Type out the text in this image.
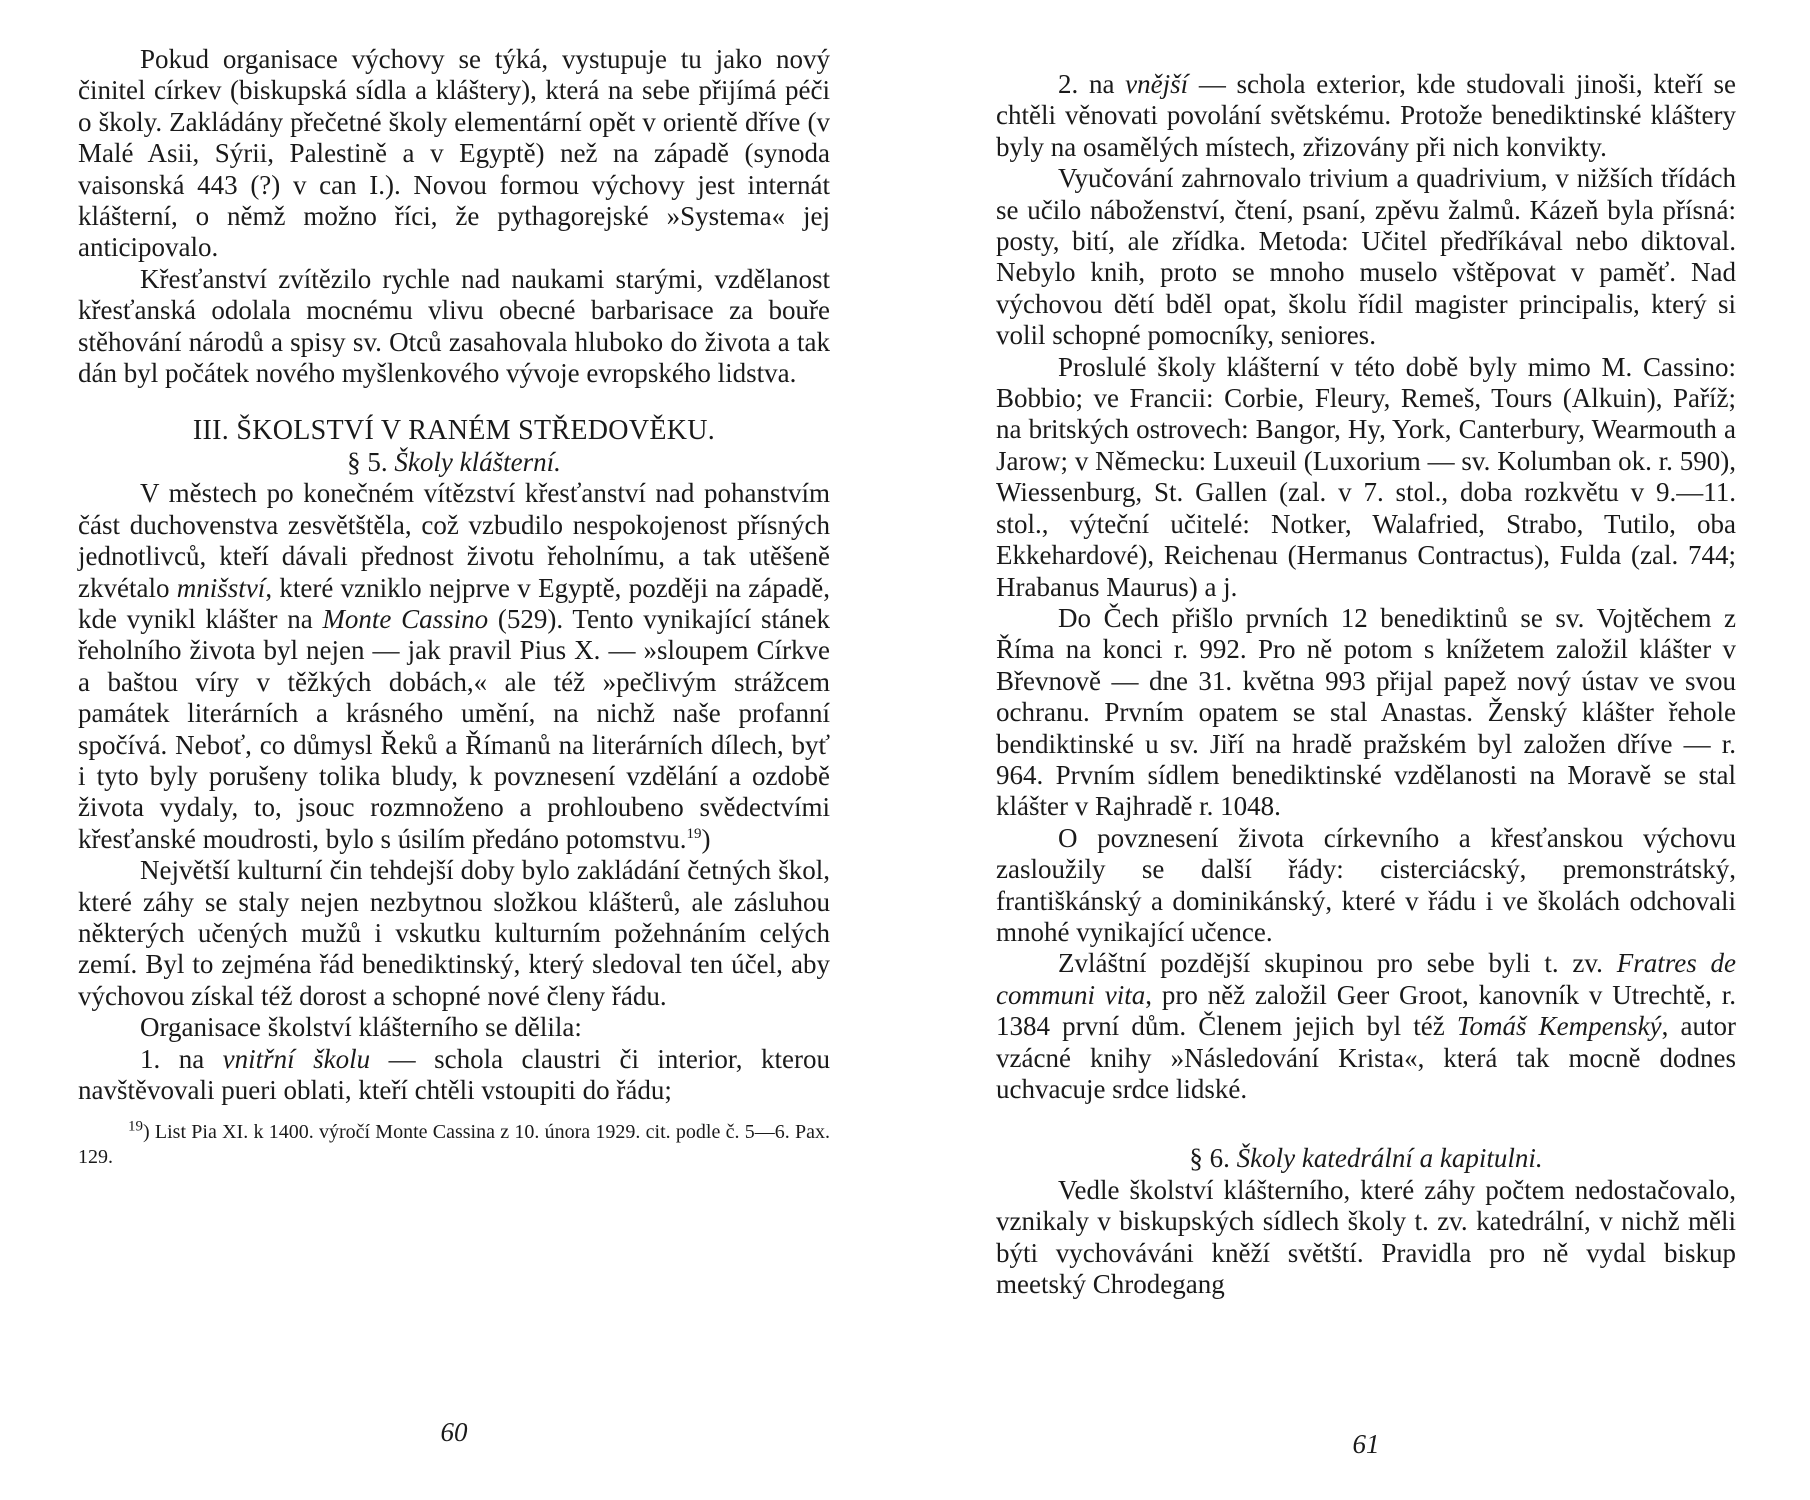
Pokud organisace výchovy se týká, vystupuje tu jako nový činitel církev (biskupská sídla a kláštery), která na sebe přijímá péči o školy. Zakládány přečetné školy elementární opět v orientě dříve (v Malé Asii, Sýrii, Palestině a v Egyptě) než na západě (synoda vaisonská 443 (?) v can I.). Novou formou výchovy jest internát klášterní, o němž možno říci, že pythagorejské »Systema« jej anticipovalo.

Křesťanství zvítězilo rychle nad naukami starými, vzdělanost křesťanská odolala mocnému vlivu obecné barbarisace za bouře stěhování národů a spisy sv. Otců zasahovala hluboko do života a tak dán byl počátek nového myšlenkového vývoje evropského lidstva.

III. ŠKOLSTVÍ V RANÉM STŘEDOVĚKU.

§ 5. Školy klášterní.

V městech po konečném vítězství křesťanství nad pohanstvím část duchovenstva zesvětštěla, což vzbudilo nespokojenost přísných jednotlivců, kteří dávali přednost životu řeholnímu, a tak utěšeně zkvétalo mnišství, které vzniklo nejprve v Egyptě, později na západě, kde vynikl klášter na Monte Cassino (529). Tento vynikající stánek řeholního života byl nejen — jak pravil Pius X. — »sloupem Církve a baštou víry v těžkých dobách,« ale též »pečlivým strážcem památek literárních a krásného umění, na nichž naše profanní spočívá. Neboť, co důmysl Řeků a Římanů na literárních dílech, byť i tyto byly porušeny tolika bludy, k povznesení vzdělání a ozdobě života vydaly, to, jsouc rozmnoženo a prohloubeno svědectvími křesťanské moudrosti, bylo s úsilím předáno potomstvu.$^{19}$)

Největší kulturní čin tehdejší doby bylo zakládání četných škol, které záhy se staly nejen nezbytnou složkou klášterů, ale zásluhou některých učených mužů i vskutku kulturním požehnáním celých zemí. Byl to zejména řád benediktinský, který sledoval ten účel, aby výchovou získal též dorost a schopné nové členy řádu.

Organisace školství klášterního se dělila:

1. na vnitřní školu — schola claustri či interior, kterou navštěvovali pueri oblati, kteří chtěli vstoupiti do řádu;

$^{19}$) List Pia XI. k 1400. výročí Monte Cassina z 10. února 1929. cit. podle č. 5—6. Pax. 129.

60

2. na vnější — schola exterior, kde studovali jinoši, kteří se chtěli věnovati povolání světskému. Protože benediktinské kláštery byly na osamělých místech, zřizovány při nich konvikty.

Vyučování zahrnovalo trivium a quadrivium, v nižších třídách se učilo náboženství, čtení, psaní, zpěvu žalmů. Kázeň byla přísná: posty, bití, ale zřídka. Metoda: Učitel předříkával nebo diktoval. Nebylo knih, proto se mnoho muselo vštěpovat v paměť. Nad výchovou dětí bděl opat, školu řídil magister principalis, který si volil schopné pomocníky, seniores.

Proslulé školy klášterní v této době byly mimo M. Cassino: Bobbio; ve Francii: Corbie, Fleury, Remeš, Tours (Alkuin), Paříž; na britských ostrovech: Bangor, Hy, York, Canterbury, Wearmouth a Jarow; v Německu: Luxeuil (Luxorium — sv. Kolumban ok. r. 590), Wiessenburg, St. Gallen (zal. v 7. stol., doba rozkvětu v 9.—11. stol., výteční učitelé: Notker, Walafried, Strabo, Tutilo, oba Ekkehardové), Reichenau (Hermanus Contractus), Fulda (zal. 744; Hrabanus Maurus) a j.

Do Čech přišlo prvních 12 benediktinů se sv. Vojtěchem z Říma na konci r. 992. Pro ně potom s knížetem založil klášter v Břevnově — dne 31. května 993 přijal papež nový ústav ve svou ochranu. Prvním opatem se stal Anastas. Ženský klášter řehole bendiktinské u sv. Jiří na hradě pražském byl založen dříve — r. 964. Prvním sídlem benediktinské vzdělanosti na Moravě se stal klášter v Rajhradě r. 1048.

O povznesení života církevního a křesťanskou výchovu zasloužily se další řády: cisterciácský, premonstrátský, františkánský a dominikánský, které v řádu i ve školách odchovali mnohé vynikající učence.

Zvláštní pozdější skupinou pro sebe byli t. zv. Fratres de communi vita, pro něž založil Geer Groot, kanovník v Utrechtě, r. 1384 první dům. Členem jejich byl též Tomáš Kempenský, autor vzácné knihy »Následování Krista«, která tak mocně dodnes uchvacuje srdce lidské.

§ 6. Školy katedrální a kapitulni.

Vedle školství klášterního, které záhy počtem nedostačovalo, vznikaly v biskupských sídlech školy t. zv. katedrální, v nichž měli býti vychováváni kněží světští. Pravidla pro ně vydal biskup meetský Chrodegang

61
